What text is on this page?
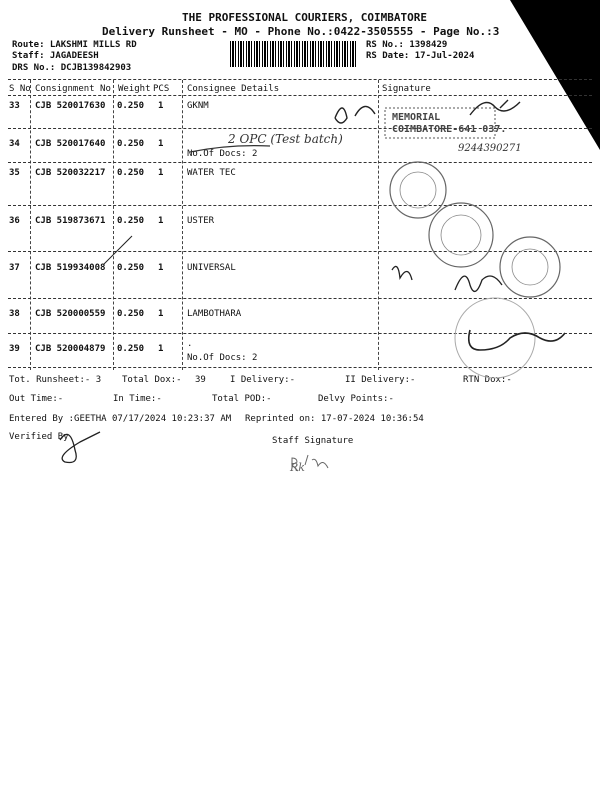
THE PROFESSIONAL COURIERS, COIMBATORE
Delivery Runsheet - MO - Phone No.:0422-3505555 - Page No.:3
Route: LAKSHMI MILLS RD
Staff: JAGADEESH
DRS No.: DCJB139842903
RS No.: 1398429
RS Date: 17-Jul-2024
S No Consignment No Weight PCS Consignee Details	Signature
33 CJB 520017630 0.250 1	GKNM
34 CJB 520017640 0.250 1
No.Of Docs: 2
35 CJB 520032217 0.250 1	WATER TEC
36 CJB 519873671 0.250 1	USTER
37 CJB 519934008 0.250 1	UNIVERSAL
38 CJB 520000559 0.250 1	LAMBOTHARA
39 CJB 520004879 0.250 1	.
No.Of Docs: 2
Tot. Runsheet:- 3 Total Dox:- 39	I Delivery:-	II Delivery:-	RTN Dox:-
Out Time:-	In Time:-	Total POD:-	Delvy Points:-
Entered By :GEETHA 07/17/2024 10:23:37 AM Reprinted on: 17-07-2024 10:36:54
Verified By	Staff Signature
2 OPC (Test batch)
9244390271
MEMORIAL
COIMBATORE-641 037.
Rk
